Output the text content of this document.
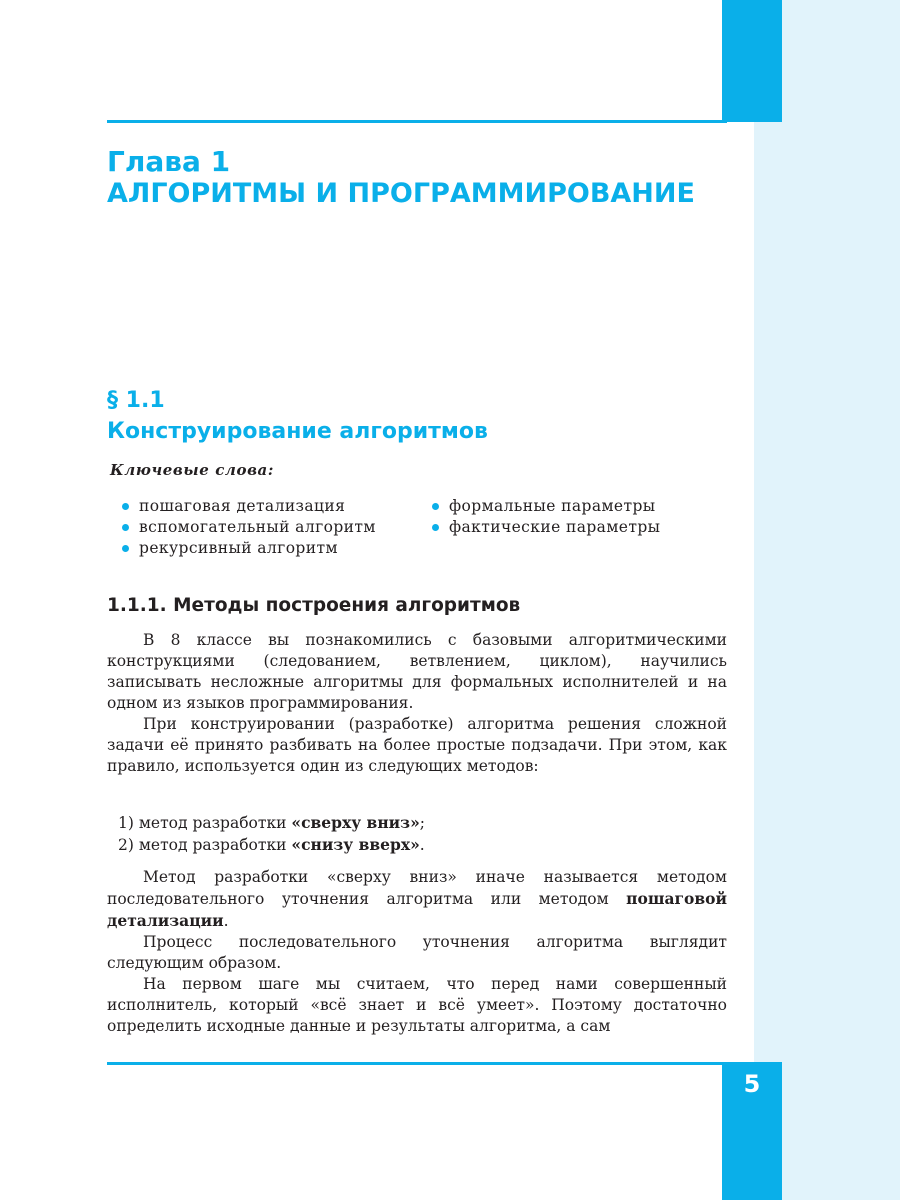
Глава 1
АЛГОРИТМЫ И ПРОГРАММИРОВАНИЕ
§ 1.1
Конструирование алгоритмов
Ключевые слова:
пошаговая детализация
вспомогательный алгоритм
рекурсивный алгоритм
формальные параметры
фактические параметры
1.1.1. Методы построения алгоритмов

В 8 классе вы познакомились с базовыми алгоритмическими конструкциями (следованием, ветвлением, циклом), научились записывать несложные алгоритмы для формальных исполнителей и на одном из языков программирования.

При конструировании (разработке) алгоритма решения сложной задачи её принято разбивать на более простые подзадачи. При этом, как правило, используется один из следующих методов:

1) метод разработки «сверху вниз»;

2) метод разработки «снизу вверх».

Метод разработки «сверху вниз» иначе называется методом последовательного уточнения алгоритма или методом пошаговой детализации.

Процесс последовательного уточнения алгоритма выглядит следующим образом.

На первом шаге мы считаем, что перед нами совершенный исполнитель, который «всё знает и всё умеет». Поэтому достаточно определить исходные данные и результаты алгоритма, а сам

5
